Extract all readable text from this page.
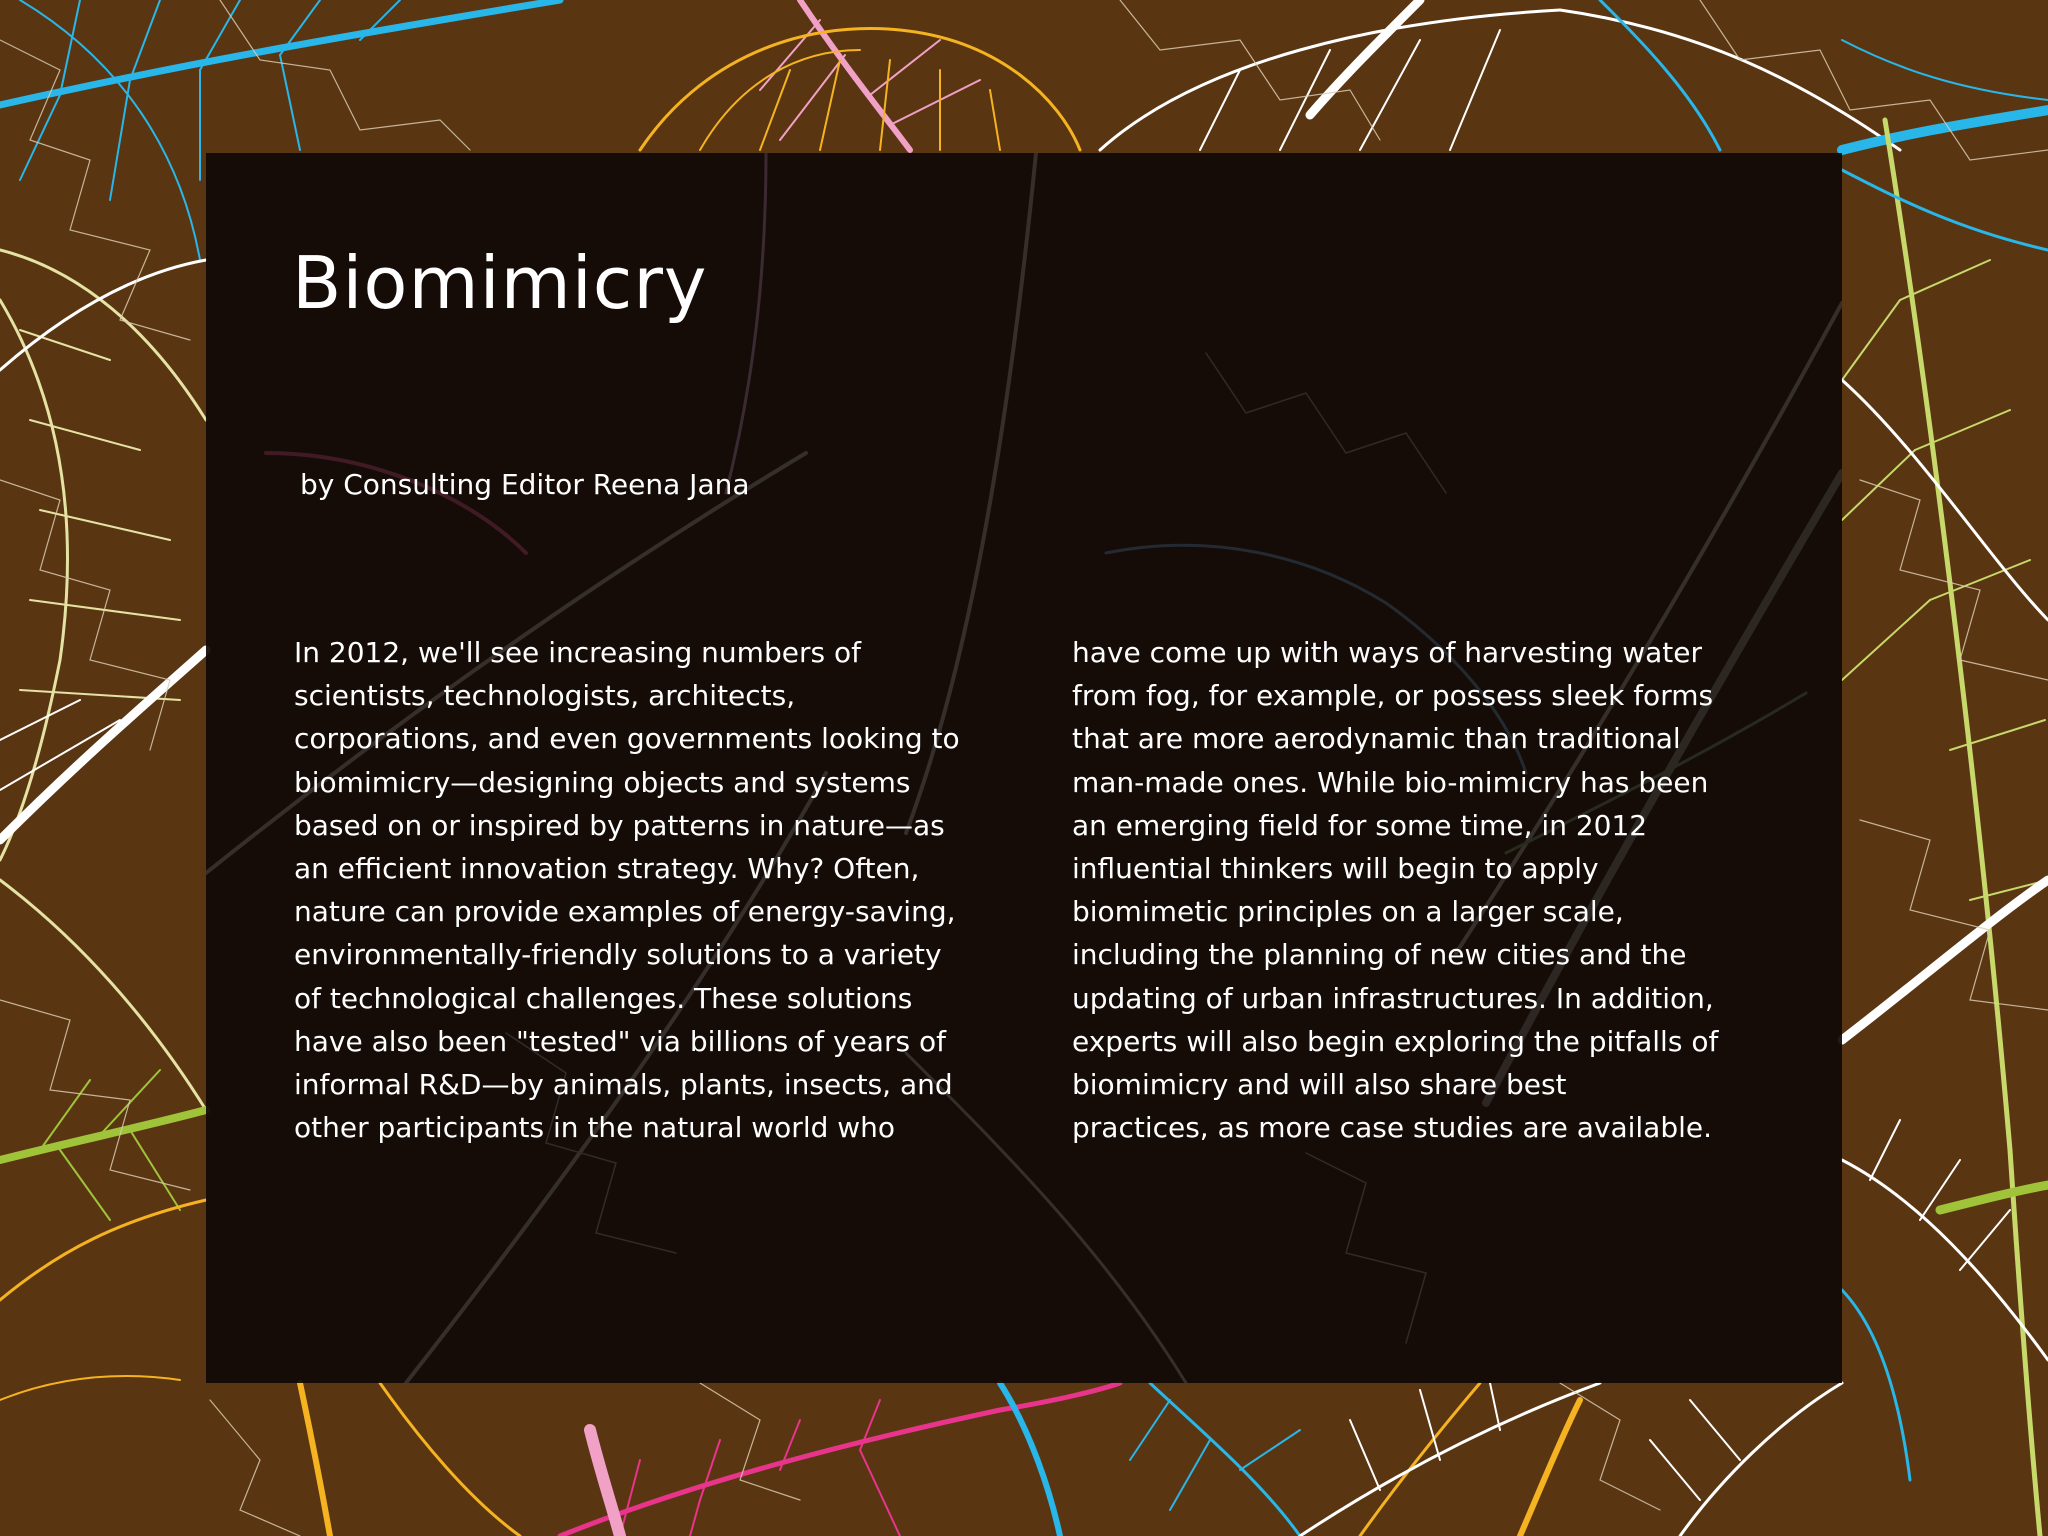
Biomimicry

by Consulting Editor Reena Jana

In 2012, we'll see increasing numbers of
scientists, technologists, architects,
corporations, and even governments looking to
biomimicry—designing objects and systems
based on or inspired by patterns in nature—as
an efficient innovation strategy. Why? Often,
nature can provide examples of energy-saving,
environmentally-friendly solutions to a variety
of technological challenges. These solutions
have also been "tested" via billions of years of
informal R&D—by animals, plants, insects, and
other participants in the natural world who

have come up with ways of harvesting water
from fog, for example, or possess sleek forms
that are more aerodynamic than traditional
man-made ones. While bio-mimicry has been
an emerging field for some time, in 2012
influential thinkers will begin to apply
biomimetic principles on a larger scale,
including the planning of new cities and the
updating of urban infrastructures. In addition,
experts will also begin exploring the pitfalls of
biomimicry and will also share best
practices, as more case studies are available.
